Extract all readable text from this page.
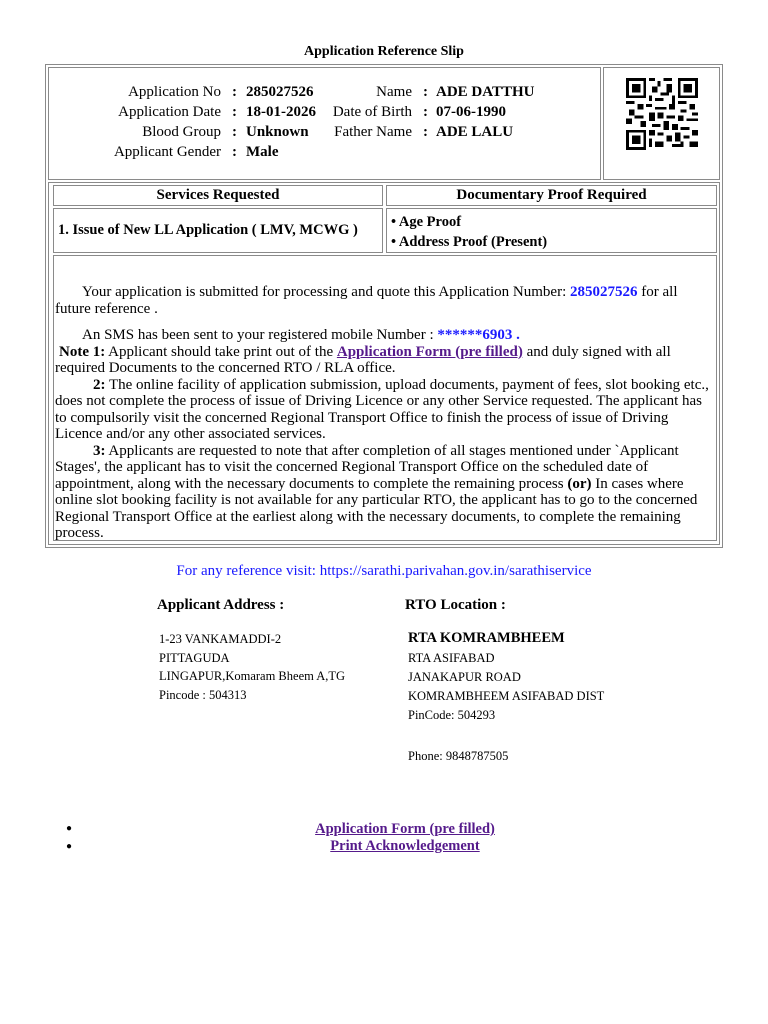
Application Reference Slip
Application No : 285027526	Name : ADE DATTHU
Application Date : 18-01-2026 Date of Birth : 07-06-1990
Blood Group : Unknown Father Name : ADE LALU
Applicant Gender : Male
Services Requested	Documentary Proof Required
1. Issue of New LL Application ( LMV, MCWG )	• Age Proof
• Address Proof (Present)

Your application is submitted for processing and quote this Application Number: 285027526 for all future reference .

An SMS has been sent to your registered mobile Number : ******6903 .

Note 1: Applicant should take print out of the Application Form (pre filled) and duly signed with all required Documents to the concerned RTO / RLA office.

2: The online facility of application submission, upload documents, payment of fees, slot booking etc., does not complete the process of issue of Driving Licence or any other Service requested. The applicant has to compulsorily visit the concerned Regional Transport Office to finish the process of issue of Driving Licence and/or any other associated services.

3: Applicants are requested to note that after completion of all stages mentioned under `Applicant Stages', the applicant has to visit the concerned Regional Transport Office on the scheduled date of appointment, along with the necessary documents to complete the remaining process (or) In cases where online slot booking facility is not available for any particular RTO, the applicant has to go to the concerned Regional Transport Office at the earliest along with the necessary documents, to complete the remaining process.

For any reference visit: https://sarathi.parivahan.gov.in/sarathiservice
Applicant Address :
1-23 VANKAMADDI-2
PITTAGUDA
LINGAPUR,Komaram Bheem A,TG
Pincode : 504313
RTO Location :
RTA KOMRAMBHEEM
RTA ASIFABAD
JANAKAPUR ROAD
KOMRAMBHEEM ASIFABAD DIST
PinCode: 504293
Phone: 9848787505
●
●
Application Form (pre filled)
Print Acknowledgement
